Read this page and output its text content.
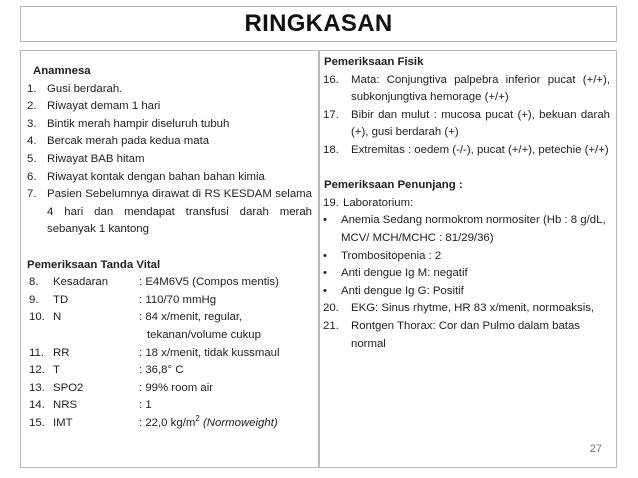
RINGKASAN
Anamnesa
1. Gusi berdarah.
2. Riwayat demam 1 hari
3. Bintik merah hampir diseluruh tubuh
4. Bercak merah pada kedua mata
5. Riwayat BAB hitam
6. Riwayat kontak dengan bahan bahan kimia
7. Pasien Sebelumnya dirawat di RS KESDAM selama 4 hari dan mendapat transfusi darah merah sebanyak 1 kantong
Pemeriksaan Tanda Vital
8.	Kesadaran	: E4M6V5 (Compos mentis)
9.	TD	: 110/70 mmHg
10. N	: 84 x/menit, regular,
tekanan/volume cukup
11. RR	: 18 x/menit, tidak kussmaul
12. T	: 36,8° C
13. SPO2	: 99% room air
14. NRS	: 1
15. IMT	: 22,0 $kg/m^2$ (Normoweight)
Pemeriksaan Fisik
16.	Mata: Conjungtiva palpebra inferior pucat (+/+), subkonjungtiva hemorage (+/+)
17.	Bibir dan mulut : mucosa pucat (+), bekuan darah (+), gusi berdarah (+)
18.	Extremitas : oedem (-/-), pucat (+/+), petechie (+/+)
Pemeriksaan Penunjang :
19. Laboratorium:
•	Anemia Sedang normokrom normositer (Hb : 8 g/dL, MCV/ MCH/MCHC : 81/29/36)
•	Trombositopenia : 2
•	Anti dengue Ig M: negatif
•	Anti dengue Ig G: Positif
20.	EKG: Sinus rhytme, HR 83 x/menit, normoaksis,
21.	Rontgen Thorax: Cor dan Pulmo dalam batas normal
27
